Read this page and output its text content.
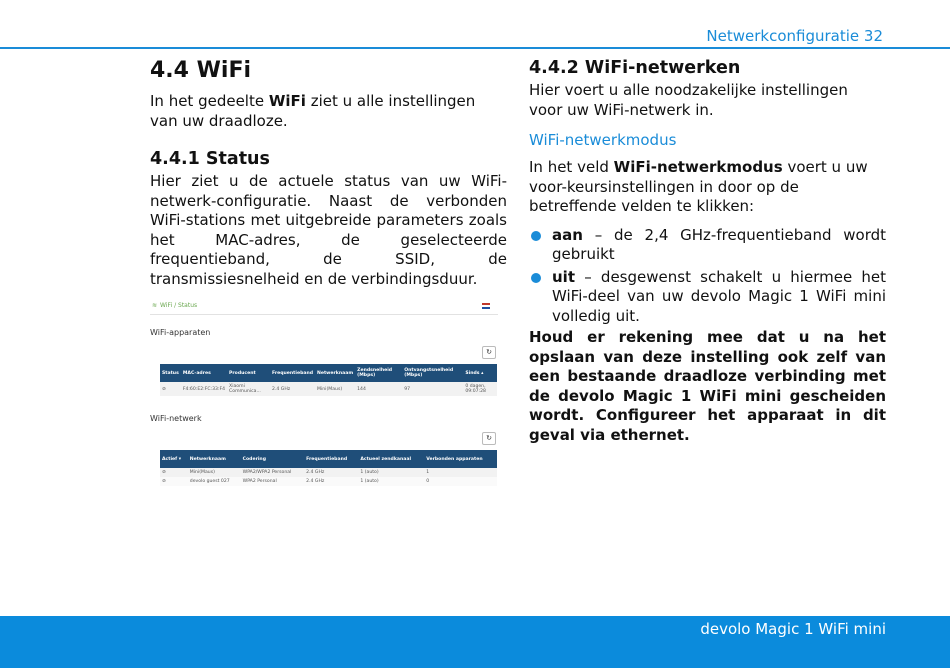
Netwerkconfiguratie 32
4.4 WiFi

In het gedeelte WiFi ziet u alle instellingen van uw draadloze.

4.4.1 Status

Hier ziet u de actuele status van uw WiFi-netwerk-configuratie. Naast de verbonden WiFi-stations met uitgebreide parameters zoals het MAC-adres, de geselecteerde frequentieband, de SSID, de transmissiesnelheid en de verbindingsduur.

≋ WiFi / Status
WiFi-apparaten
↻
Status	MAC-adres	Producent	Frequentieband	Netwerknaam	Zendsnelheid (Mbps)	Ontvangstsnelheid (Mbps)	Sinds ▴
⊘	F4:60:E2:FC:33:F4	Xiaomi Communica...	2.4 GHz	Mini(Maus)	144	97	0 dagen, 09:07:28
WiFi-netwerk
↻
Actief ▾	Netwerknaam	Codering	Frequentieband	Actueel zendkanaal	Verbonden apparaten
⊘	Mini(Maus)	WPA2/WPA2 Personal	2.4 GHz	1 (auto)	1
⊘	devolo guest 027	WPA2 Personal	2.4 GHz	1 (auto)	0
4.4.2 WiFi-netwerken

Hier voert u alle noodzakelijke instellingen voor uw WiFi-netwerk in.

WiFi-netwerkmodus

In het veld WiFi-netwerkmodus voert u uw voor-keursinstellingen in door op de betreffende velden te klikken:

aan – de 2,4 GHz-frequentieband wordt gebruikt
uit – desgewenst schakelt u hiermee het WiFi-deel van uw devolo Magic 1 WiFi mini volledig uit.

Houd er rekening mee dat u na het opslaan van deze instelling ook zelf van een bestaande draadloze verbinding met de devolo Magic 1 WiFi mini gescheiden wordt. Configureer het apparaat in dit geval via ethernet.

devolo Magic 1 WiFi mini
